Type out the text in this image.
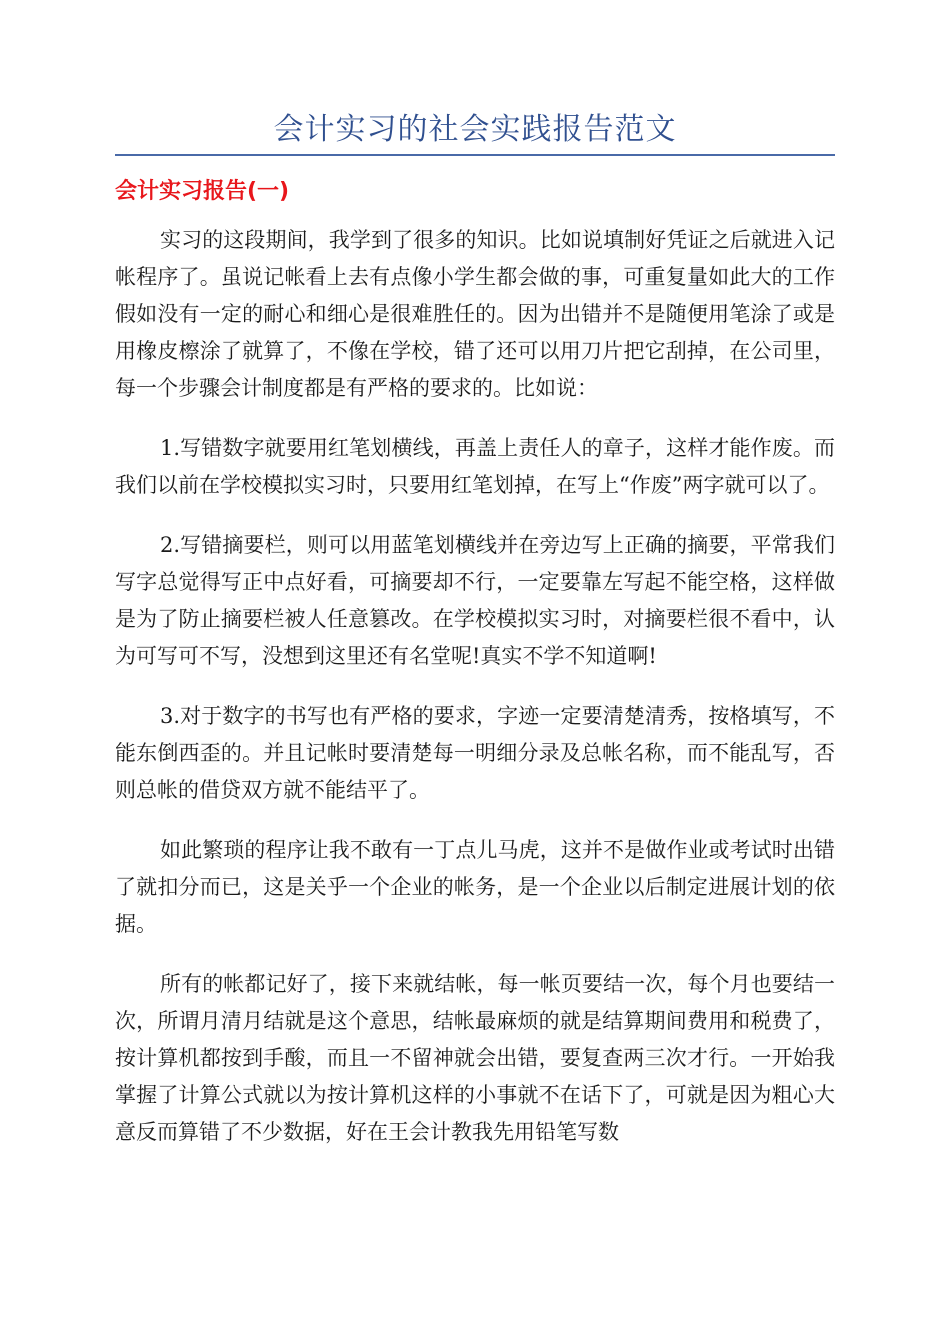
会计实习的社会实践报告范文
会计实习报告(一)

实习的这段期间，我学到了很多的知识。比如说填制好凭证之后就进入记帐程序了。虽说记帐看上去有点像小学生都会做的事，可重复量如此大的工作假如没有一定的耐心和细心是很难胜任的。因为出错并不是随便用笔涂了或是用橡皮檫涂了就算了，不像在学校，错了还可以用刀片把它刮掉，在公司里，每一个步骤会计制度都是有严格的要求的。比如说：

1.写错数字就要用红笔划横线，再盖上责任人的章子，这样才能作废。而我们以前在学校模拟实习时，只要用红笔划掉，在写上“作废”两字就可以了。

2.写错摘要栏，则可以用蓝笔划横线并在旁边写上正确的摘要，平常我们写字总觉得写正中点好看，可摘要却不行，一定要靠左写起不能空格，这样做是为了防止摘要栏被人任意篡改。在学校模拟实习时，对摘要栏很不看中，认为可写可不写，没想到这里还有名堂呢!真实不学不知道啊!

3.对于数字的书写也有严格的要求，字迹一定要清楚清秀，按格填写，不能东倒西歪的。并且记帐时要清楚每一明细分录及总帐名称，而不能乱写，否则总帐的借贷双方就不能结平了。

如此繁琐的程序让我不敢有一丁点儿马虎，这并不是做作业或考试时出错了就扣分而已，这是关乎一个企业的帐务，是一个企业以后制定进展计划的依据。

所有的帐都记好了，接下来就结帐，每一帐页要结一次，每个月也要结一次，所谓月清月结就是这个意思，结帐最麻烦的就是结算期间费用和税费了，按计算机都按到手酸，而且一不留神就会出错，要复查两三次才行。一开始我掌握了计算公式就以为按计算机这样的小事就不在话下了，可就是因为粗心大意反而算错了不少数据，好在王会计教我先用铅笔写数
